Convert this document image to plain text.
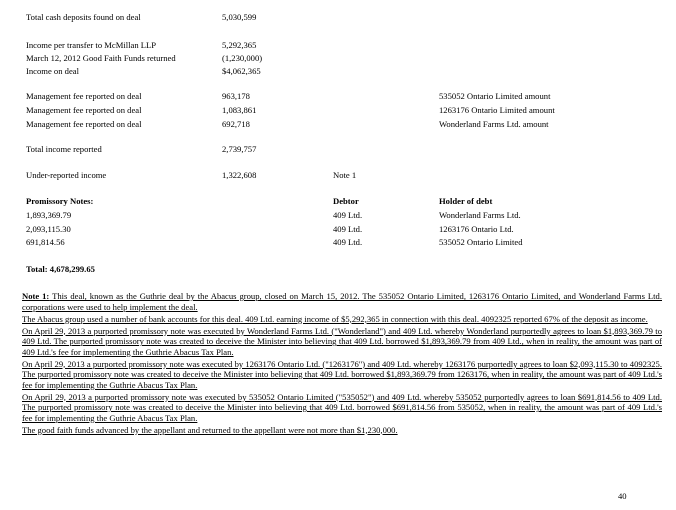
Total cash deposits found on deal	5,030,599
Income per transfer to McMillan LLP	5,292,365
March 12, 2012 Good Faith Funds returned	(1,230,000)
Income on deal	$4,062,365
Management fee reported on deal	963,178	535052 Ontario Limited amount
Management fee reported on deal	1,083,861	1263176 Ontario Limited amount
Management fee reported on deal	692,718	Wonderland Farms Ltd. amount
Total income reported	2,739,757
Under-reported income	1,322,608	Note 1
Promissory Notes:	Debtor	Holder of debt
1,893,369.79	409 Ltd.	Wonderland Farms Ltd.
2,093,115.30	409 Ltd.	1263176 Ontario Ltd.
691,814.56	409 Ltd.	535052 Ontario Limited
Total: 4,678,299.65

Note 1: This deal, known as the Guthrie deal by the Abacus group, closed on March 15, 2012. The 535052 Ontario Limited, 1263176 Ontario Limited, and Wonderland Farms Ltd. corporations were used to help implement the deal.

The Abacus group used a number of bank accounts for this deal. 409 Ltd. earning income of $5,292,365 in connection with this deal. 4092325 reported 67% of the deposit as income.

On April 29, 2013 a purported promissory note was executed by Wonderland Farms Ltd. ("Wonderland") and 409 Ltd. whereby Wonderland purportedly agrees to loan $1,893,369.79 to 409 Ltd. The purported promissory note was created to deceive the Minister into believing that 409 Ltd. borrowed $1,893,369.79 from 409 Ltd., when in reality, the amount was part of 409 Ltd.'s fee for implementing the Guthrie Abacus Tax Plan.

On April 29, 2013 a purported promissory note was executed by 1263176 Ontario Ltd. ("1263176") and 409 Ltd. whereby 1263176 purportedly agrees to loan $2,093,115.30 to 4092325. The purported promissory note was created to deceive the Minister into believing that 409 Ltd. borrowed $1,893,369.79 from 1263176, when in reality, the amount was part of 409 Ltd.'s fee for implementing the Guthrie Abacus Tax Plan.

On April 29, 2013 a purported promissory note was executed by 535052 Ontario Limited ("535052") and 409 Ltd. whereby 535052 purportedly agrees to loan $691,814.56 to 409 Ltd. The purported promissory note was created to deceive the Minister into believing that 409 Ltd. borrowed $691,814.56 from 535052, when in reality, the amount was part of 409 Ltd.'s fee for implementing the Guthrie Abacus Tax Plan.

The good faith funds advanced by the appellant and returned to the appellant were not more than $1,230,000.

40
